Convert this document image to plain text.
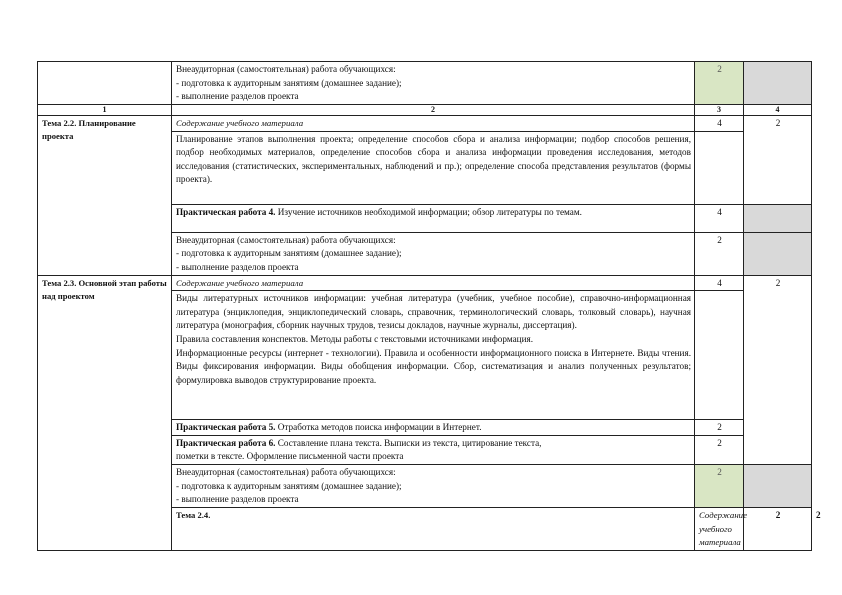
	Внеаудиторная (самостоятельная) работа обучающихся:
- подготовка к аудиторным занятиям (домашнее задание);
- выполнение разделов проекта	2		
1	2	3	4	
Тема 2.2. Планирование проекта	Содержание учебного материала	4	2	
	Планирование этапов выполнения проекта; определение способов сбора и анализа информации; подбор способов решения, подбор необходимых материалов, определение способов сбора и анализа информации проведения исследования, методов исследования (статистических, экспериментальных, наблюдений и пр.); определение способа представления результатов (формы проекта).			
	Практическая работа 4. Изучение источников необходимой информации; обзор литературы по темам.	4		

	Внеаудиторная (самостоятельная) работа обучающихся:
- подготовка к аудиторным занятиям (домашнее задание);
- выполнение разделов проекта	2		
Тема 2.3. Основной этап работы над проектом	Содержание учебного материала	4	2	

	Виды литературных источников информации: учебная литература (учебник, учебное пособие), справочно-информационная литература (энциклопедия, энциклопедический словарь, справочник, терминологический словарь, толковый словарь), научная литература (монография, сборник научных трудов, тезисы докладов, научные журналы, диссертация).
Правила составления конспектов. Методы работы с текстовыми источниками информация.
Информационные ресурсы (интернет - технологии). Правила и особенности информационного поиска в Интернете. Виды чтения. Виды фиксирования информации. Виды обобщения информации. Сбор, систематизация и анализ полученных результатов; формулировка выводов структурирование проекта.			

	Практическая работа 5. Отработка методов поиска информации в Интернет.	2		
	Практическая работа 6. Составление плана текста. Выписки из текста, цитирование текста,
пометки в тексте. Оформление письменной части проекта	2		

	Внеаудиторная (самостоятельная) работа обучающихся:
- подготовка к аудиторным занятиям (домашнее задание);
- выполнение разделов проекта	2		
	Тема 2.4.	Содержание учебного материала	2	2
